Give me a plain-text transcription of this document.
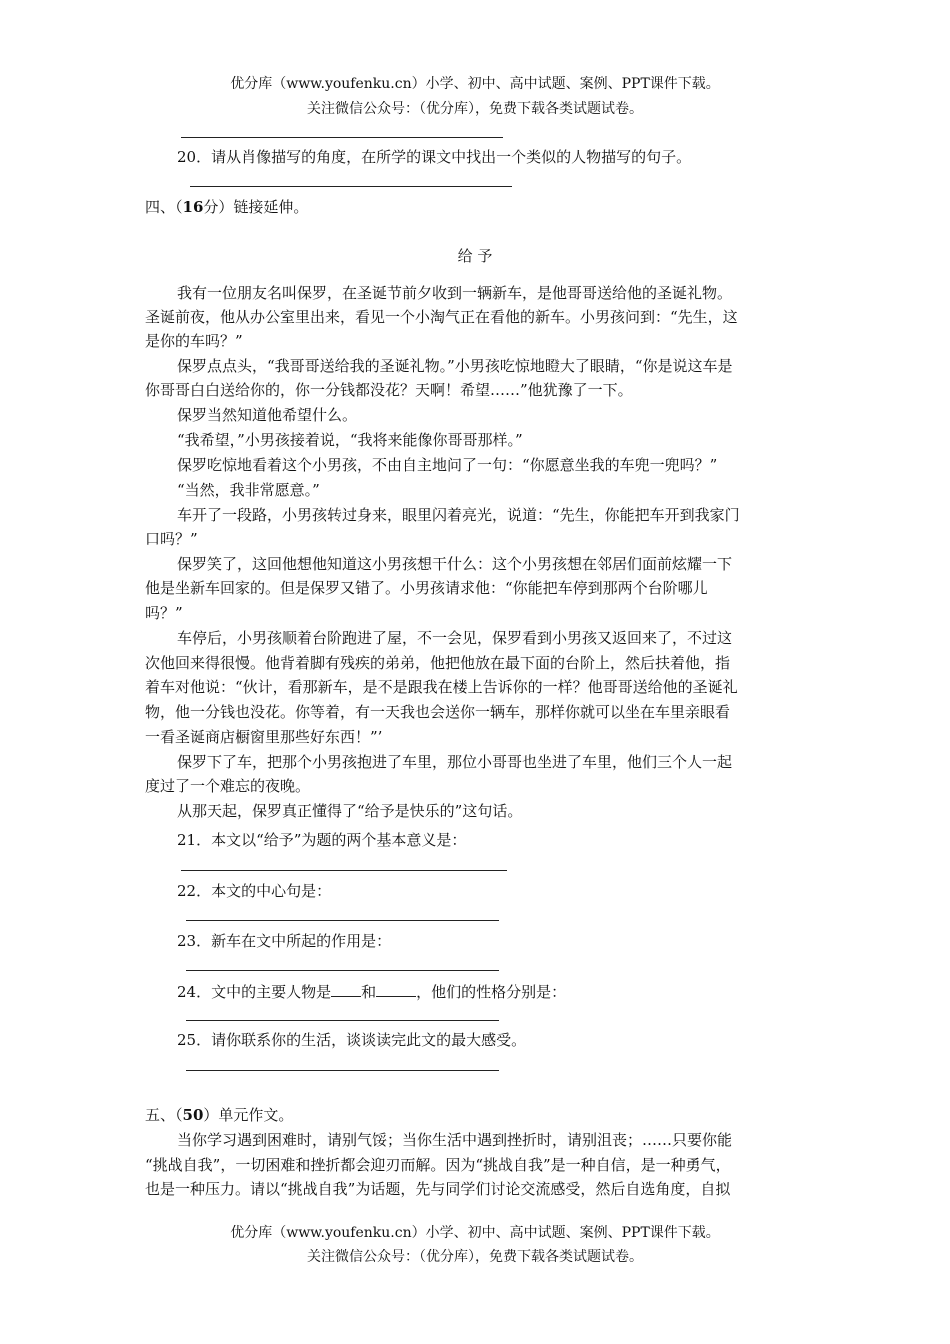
优分库（www.youfenku.cn）小学、初中、高中试题、案例、PPT课件下载。
关注微信公众号：（优分库），免费下载各类试题试卷。
20．请从肖像描写的角度，在所学的课文中找出一个类似的人物描写的句子。
四、（16分）链接延伸。
给 予
我有一位朋友名叫保罗，在圣诞节前夕收到一辆新车，是他哥哥送给他的圣诞礼物。
圣诞前夜，他从办公室里出来，看见一个小淘气正在看他的新车。小男孩问到：“先生，这
是你的车吗？”
保罗点点头，“我哥哥送给我的圣诞礼物。”小男孩吃惊地瞪大了眼睛，“你是说这车是
你哥哥白白送给你的，你一分钱都没花？天啊！希望……”他犹豫了一下。
保罗当然知道他希望什么。
“我希望，”小男孩接着说，“我将来能像你哥哥那样。”
保罗吃惊地看着这个小男孩，不由自主地问了一句：“你愿意坐我的车兜一兜吗？”
“当然，我非常愿意。”
车开了一段路，小男孩转过身来，眼里闪着亮光，说道：“先生，你能把车开到我家门
口吗？”
保罗笑了，这回他想他知道这小男孩想干什么：这个小男孩想在邻居们面前炫耀一下
他是坐新车回家的。但是保罗又错了。小男孩请求他：“你能把车停到那两个台阶哪儿
吗？”
车停后，小男孩顺着台阶跑进了屋，不一会见，保罗看到小男孩又返回来了，不过这
次他回来得很慢。他背着脚有残疾的弟弟，他把他放在最下面的台阶上，然后扶着他，指
着车对他说：“伙计，看那新车，是不是跟我在楼上告诉你的一样？他哥哥送给他的圣诞礼
物，他一分钱也没花。你等着，有一天我也会送你一辆车，那样你就可以坐在车里亲眼看
一看圣诞商店橱窗里那些好东西！”’
保罗下了车，把那个小男孩抱进了车里，那位小哥哥也坐进了车里，他们三个人一起
度过了一个难忘的夜晚。
从那天起，保罗真正懂得了“给予是快乐的”这句话。
21．本文以“给予”为题的两个基本意义是：
22．本文的中心句是：
23．新车在文中所起的作用是：
24．文中的主要人物是 和	，他们的性格分别是：
25．请你联系你的生活，谈谈读完此文的最大感受。
五、（50）单元作文。
当你学习遇到困难时，请别气馁；当你生活中遇到挫折时，请别沮丧；……只要你能
“挑战自我”，一切困难和挫折都会迎刃而解。因为“挑战自我”是一种自信，是一种勇气，
也是一种压力。请以“挑战自我”为话题，先与同学们讨论交流感受，然后自选角度，自拟
优分库（www.youfenku.cn）小学、初中、高中试题、案例、PPT课件下载。
关注微信公众号：（优分库），免费下载各类试题试卷。
